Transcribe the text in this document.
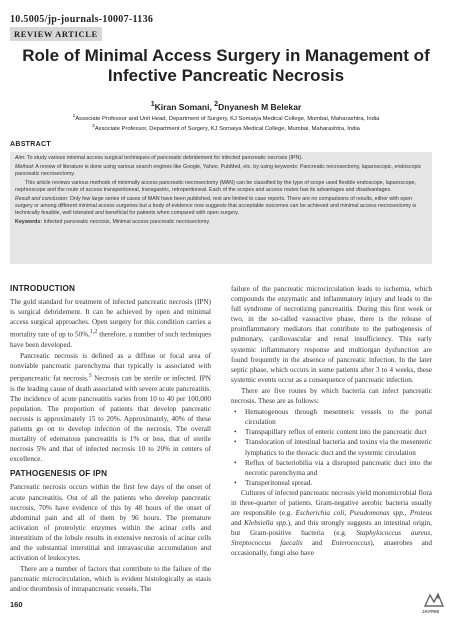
10.5005/jp-journals-10007-1136
REVIEW ARTICLE
Role of Minimal Access Surgery in Management of Infective Pancreatic Necrosis
$^1$Kiran Somani, $^2$Dnyanesh M Belekar
$^1$Associate Professor and Unit Head, Department of Surgery, KJ Somaiya Medical College, Mumbai, Maharashtra, India
$^2$Associate Professor, Department of Surgery, KJ Somaiya Medical College, Mumbai, Maharashtra, India
ABSTRACT

Aim: To study various minimal access surgical techniques of pancreatic debridement for infected pancreatic necrosis (IPN).

Method: A review of literature is done using various search engines like Google, Yahoo, PubMed, etc. by using keywords: Pancreatic necrosectomy, laparoscopic, endoscopic pancreatic necrosectomy.

This article reviews various methods of minimally access pancreatic necrosectomy (MAN) can be classified by the type of scope used flexible endoscope, laparoscope, nephroscope and the route of access transperitoneal, transgastric, retroperitoneal. Each of the scopes and access routes has its advantages and disadvantages.

Result and conclusion: Only few large series of cases of MAN have been published, rest are limited to case reports. There are no comparisons of results, either with open surgery or among different minimal access surgeries but a body of evidence now suggests that acceptable outcomes can be achieved and minimal access necrosectomy is technically feasible, well tolerated and beneficial for patients when compared with open surgery.

Keywords: Infected pancreatic necrosis, Minimal access pancreatic necrosectomy.

INTRODUCTION

The gold standard for treatment of infected pancreatic necrosis (IPN) is surgical debridement. It can be achieved by open and minimal access surgical approaches. Open surgery for this condition carries a mortality rate of up to 50%,$^{1,2}$ therefore, a number of such techniques have been developed.

Pancreatic necrosis is defined as a diffuse or focal area of nonviable pancreatic parenchyma that typically is associated with peripancreatic fat necrosis.$^3$ Necrosis can be sterile or infected. IPN is the leading cause of death associated with severe acute pancreatitis. The incidence of acute pancreatitis varies from 10 to 40 per 100,000 population. The proportion of patients that develop pancreatic necrosis is approximately 15 to 20%. Approximately, 40% of these patients go on to develop infection of the necrosis. The overall mortality of edematous pancreatitis is 1% or less, that of sterile necrosis 5% and that of infected necrosis 10 to 20% in centers of excellence.

PATHOGENESIS OF IPN

Pancreatic necrosis occurs within the first few days of the onset of acute pancreatitis. Out of all the patients who develop pancreatic necrosis, 70% have evidence of this by 48 hours of the onset of abdominal pain and all of them by 96 hours. The premature activation of proteolytic enzymes within the acinar cells and interstitium of the lobule results in extensive necrosis of acinar cells and the substantial interstitial and intravascular accumulation and activation of leukocytes.

There are a number of factors that contribute to the failure of the pancreatic microcirculation, which is evident histologically as stasis and/or thrombosis of intrapancreatic vessels. The

failure of the pancreatic microcirculation leads to ischemia, which compounds the enzymatic and inflammatory injury and leads to the full syndrome of necrotizing pancreatitis. During this first week or two, in the so-called vasoactive phase, there is the release of proinflammatory mediators that contribute to the pathogenesis of pulmonary, cardiovascular and renal insufficiency. This early systemic inflammatory response and multiorgan dysfunction are found frequently in the absence of pancreatic infection. In the later septic phase, which occurs in some patients after 3 to 4 weeks, these systemic events occur as a consequence of pancreatic infection.

There are five routes by which bacteria can infect pancreatic necrosis. These are as follows:

• Hematogenous through mesenteric vessels to the portal circulation
• Transpapillary reflux of enteric content into the pancreatic duct
• Translocation of intestinal bacteria and toxins via the mesenteric lymphatics to the thoracic duct and the systemic circulation
• Reflux of bacteriobilia via a disrupted pancreatic duct into the necrotic parenchyma and
• Transperitoneal spread.

Cultures of infected pancreatic necrosis yield monomicrobial flora in three-quarter of patients. Gram-negative aerobic bacteria usually are responsible (e.g. Escherichia coli, Pseudomonas spp., Proteus and Klebsiella spp.), and this strongly suggests an intestinal origin, but Gram-positive bacteria (e.g. Staphylococcus aureus, Streptococcus faecalis and Enterococcus), anaerobes and occasionally, fungi also have

160
JAYPEE
